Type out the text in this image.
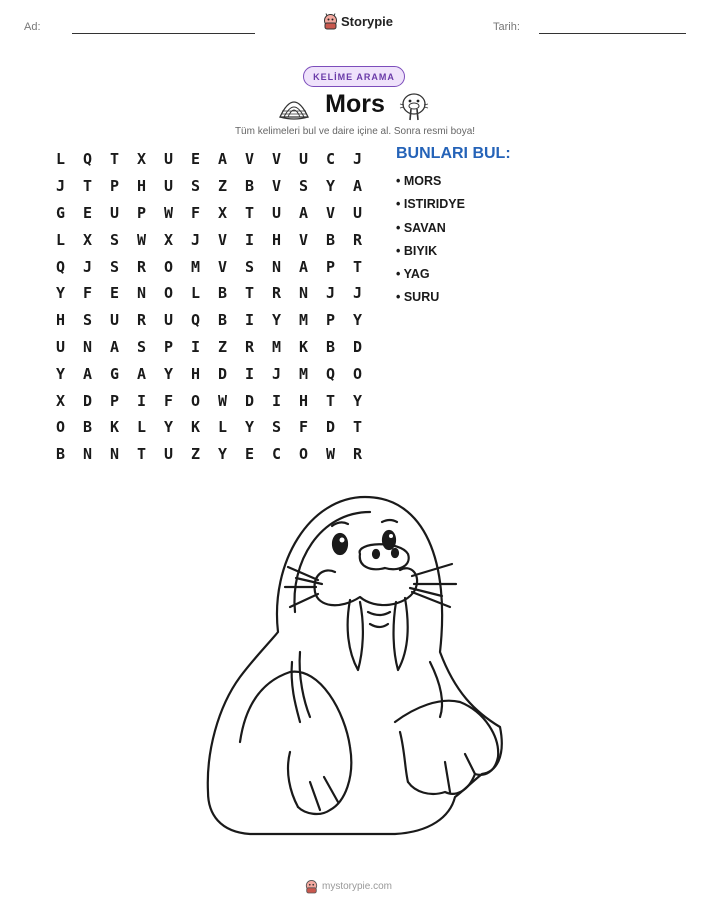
Ad:	Storypie	Tarih:
KELİME ARAMA
Mors
Tüm kelimeleri bul ve daire içine al. Sonra resmi boya!
L	Q	T	X	U	E	A	V	V	U	C	J
J	T	P	H	U	S	Z	B	V	S	Y	A
G	E	U	P	W	F	X	T	U	A	V	U
L	X	S	W	X	J	V	I	H	V	B	R
Q	J	S	R	O	M	V	S	N	A	P	T
Y	F	E	N	O	L	B	T	R	N	J	J
H	S	U	R	U	Q	B	I	Y	M	P	Y
U	N	A	S	P	I	Z	R	M	K	B	D
Y	A	G	A	Y	H	D	I	J	M	Q	O
X	D	P	I	F	O	W	D	I	H	T	Y
O	B	K	L	Y	K	L	Y	S	F	D	T
B	N	N	T	U	Z	Y	E	C	O	W	R
BUNLARI BUL:
• MORS
• ISTIRIDYE
• SAVAN
• BIYIK
• YAG
• SURU
mystorypie.com
